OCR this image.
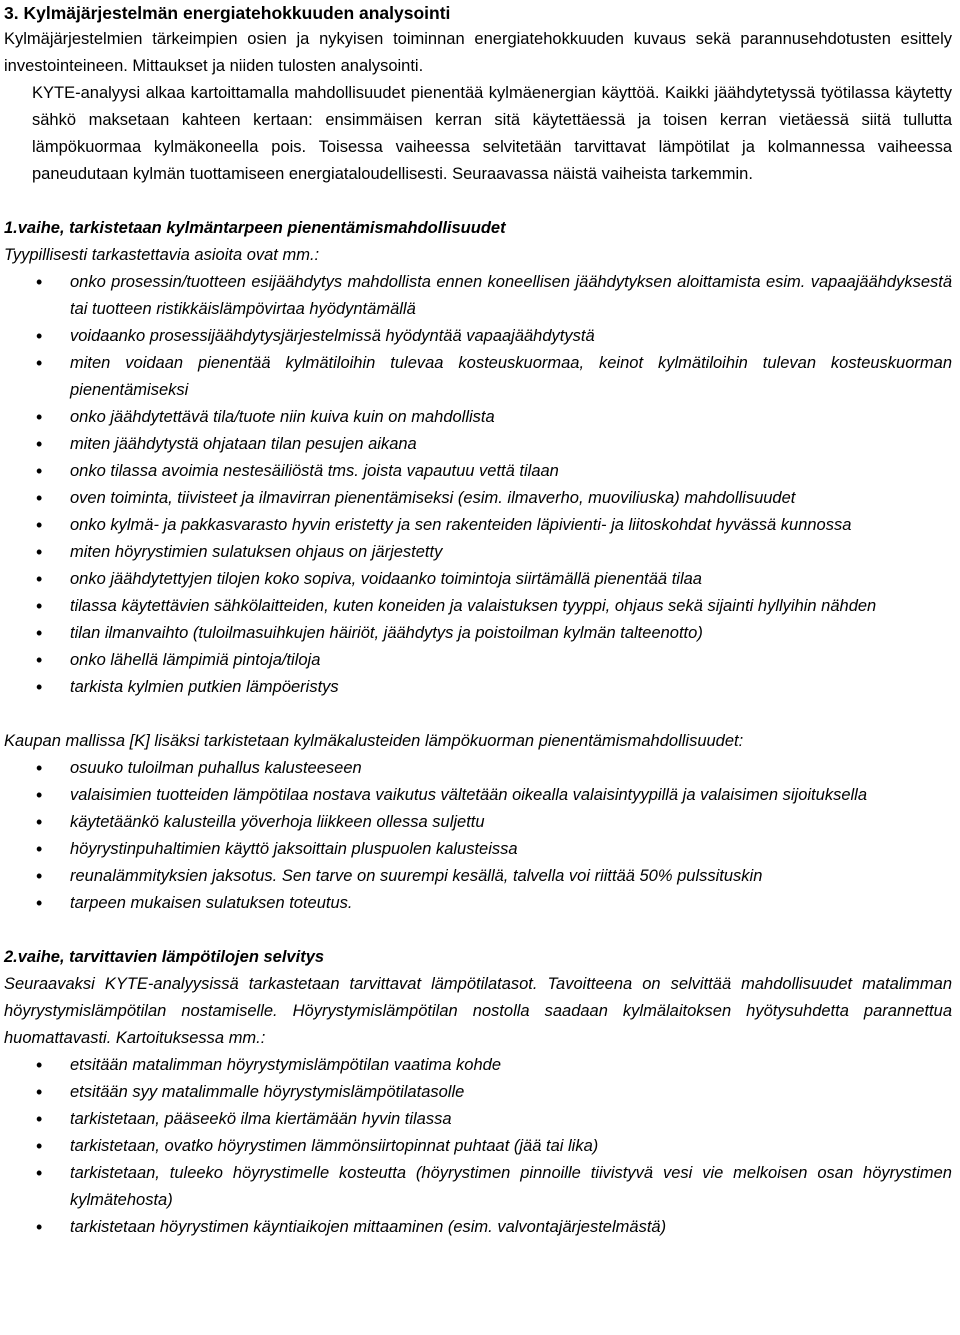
3. Kylmäjärjestelmän energiatehokkuuden analysointi

Kylmäjärjestelmien tärkeimpien osien ja nykyisen toiminnan energiatehokkuuden kuvaus sekä parannusehdotusten esittely investointeineen. Mittaukset ja niiden tulosten analysointi.

KYTE-analyysi alkaa kartoittamalla mahdollisuudet pienentää kylmäenergian käyttöä. Kaikki jäähdytetyssä työtilassa käytetty sähkö maksetaan kahteen kertaan: ensimmäisen kerran sitä käytettäessä ja toisen kerran vietäessä siitä tullutta lämpökuormaa kylmäkoneella pois. Toisessa vaiheessa selvitetään tarvittavat lämpötilat ja kolmannessa vaiheessa paneudutaan kylmän tuottamiseen energiataloudellisesti. Seuraavassa näistä vaiheista tarkemmin.

1.vaihe, tarkistetaan kylmäntarpeen pienentämismahdollisuudet

Tyypillisesti tarkastettavia asioita ovat mm.:

• onko prosessin/tuotteen esijäähdytys mahdollista ennen koneellisen jäähdytyksen aloittamista esim. vapaajäähdyksestä tai tuotteen ristikkäislämpövirtaa hyödyntämällä
• voidaanko prosessijäähdytysjärjestelmissä hyödyntää vapaajäähdytystä
• miten voidaan pienentää kylmätiloihin tulevaa kosteuskuormaa, keinot kylmätiloihin tulevan kosteuskuorman pienentämiseksi
• onko jäähdytettävä tila/tuote niin kuiva kuin on mahdollista
• miten jäähdytystä ohjataan tilan pesujen aikana
• onko tilassa avoimia nestesäiliöstä tms. joista vapautuu vettä tilaan
• oven toiminta, tiivisteet ja ilmavirran pienentämiseksi (esim. ilmaverho, muoviliuska) mahdollisuudet
• onko kylmä- ja pakkasvarasto hyvin eristetty ja sen rakenteiden läpivienti- ja liitoskohdat hyvässä kunnossa
• miten höyrystimien sulatuksen ohjaus on järjestetty
• onko jäähdytettyjen tilojen koko sopiva, voidaanko toimintoja siirtämällä pienentää tilaa
• tilassa käytettävien sähkölaitteiden, kuten koneiden ja valaistuksen tyyppi, ohjaus sekä sijainti hyllyihin nähden
• tilan ilmanvaihto (tuloilmasuihkujen häiriöt, jäähdytys ja poistoilman kylmän talteenotto)
• onko lähellä lämpimiä pintoja/tiloja
• tarkista kylmien putkien lämpöeristys

Kaupan mallissa [K] lisäksi tarkistetaan kylmäkalusteiden lämpökuorman pienentämismahdollisuudet:

• osuuko tuloilman puhallus kalusteeseen
• valaisimien tuotteiden lämpötilaa nostava vaikutus vältetään oikealla valaisintyypillä ja valaisimen sijoituksella
• käytetäänkö kalusteilla yöverhoja liikkeen ollessa suljettu
• höyrystinpuhaltimien käyttö jaksoittain pluspuolen kalusteissa
• reunalämmityksien jaksotus. Sen tarve on suurempi kesällä, talvella voi riittää 50% pulssituskin
• tarpeen mukaisen sulatuksen toteutus.
2.vaihe, tarvittavien lämpötilojen selvitys

Seuraavaksi KYTE-analyysissä tarkastetaan tarvittavat lämpötilatasot. Tavoitteena on selvittää mahdollisuudet matalimman höyrystymislämpötilan nostamiselle. Höyrystymislämpötilan nostolla saadaan kylmälaitoksen hyötysuhdetta parannettua huomattavasti. Kartoituksessa mm.:

• etsitään matalimman höyrystymislämpötilan vaatima kohde
• etsitään syy matalimmalle höyrystymislämpötilatasolle
• tarkistetaan, pääseekö ilma kiertämään hyvin tilassa
• tarkistetaan, ovatko höyrystimen lämmönsiirtopinnat puhtaat (jää tai lika)
• tarkistetaan, tuleeko höyrystimelle kosteutta (höyrystimen pinnoille tiivistyvä vesi vie melkoisen osan höyrystimen kylmätehosta)
• tarkistetaan höyrystimen käyntiaikojen mittaaminen (esim. valvontajärjestelmästä)
